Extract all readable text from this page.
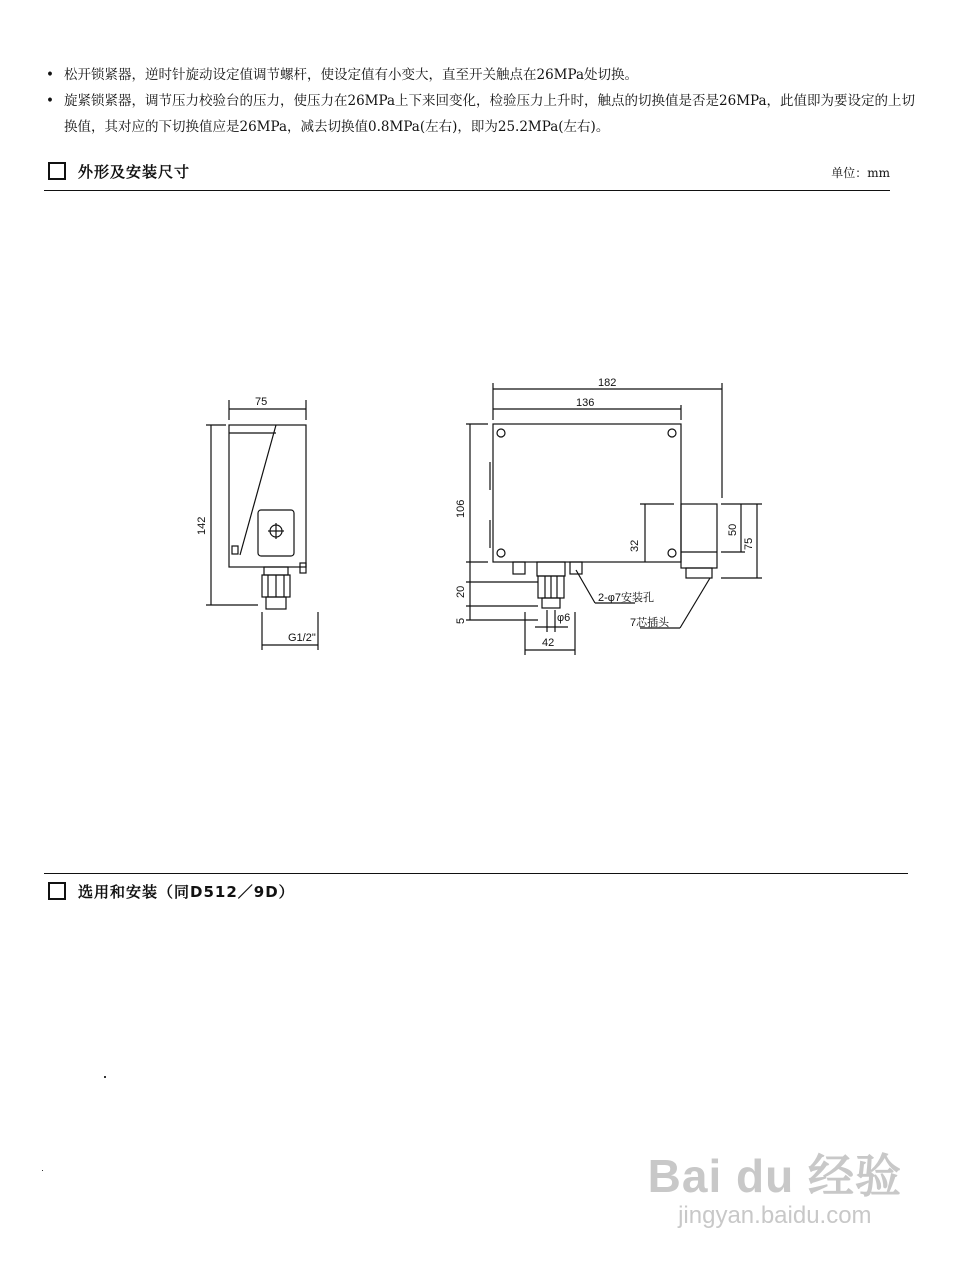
• 松开锁紧器，逆时针旋动设定值调节螺杆，使设定值有小变大，直至开关触点在26MPa处切换。
• 旋紧锁紧器，调节压力校验台的压力，使压力在26MPa上下来回变化，检验压力上升时，触点的切换值是否是26MPa，此值即为要设定的上切换值，其对应的下切换值应是26MPa，减去切换值0.8MPa(左右)，即为25.2MPa(左右)。
外形及安装尺寸	单位：mm
75
142
G1/2"
182
136
106
32
50
75
20
5	φ6
42
2-φ7安装孔
7芯插头
选用和安装（同D512／9D）
Bai du 经验
jingyan.baidu.com
